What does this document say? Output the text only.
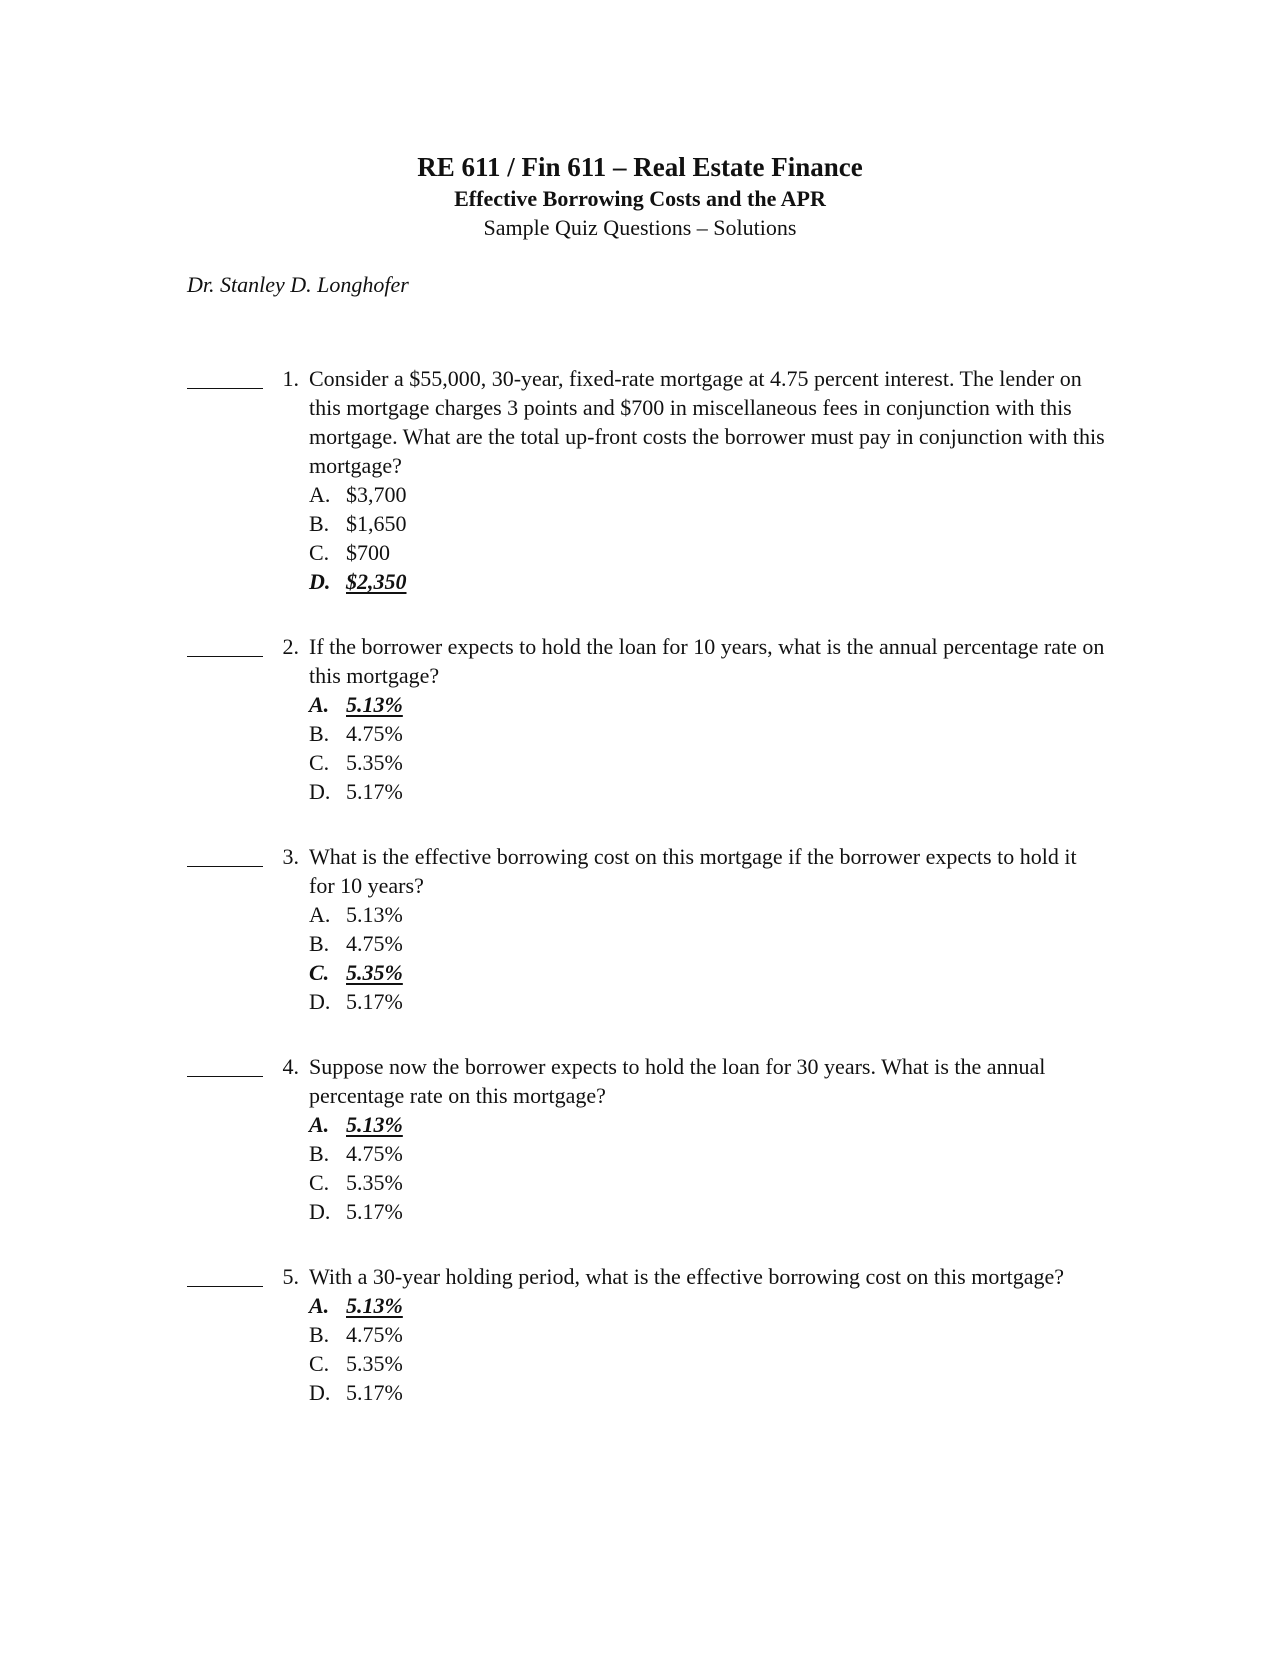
RE 611 / Fin 611 – Real Estate Finance

Effective Borrowing Costs and the APR

Sample Quiz Questions – Solutions

Dr. Stanley D. Longhofer
1. Consider a $55,000, 30-year, fixed-rate mortgage at 4.75 percent interest. The lender on this mortgage charges 3 points and $700 in miscellaneous fees in conjunction with this mortgage. What are the total up-front costs the borrower must pay in conjunction with this mortgage?
A. $3,700
B. $1,650
C. $700
D. $2,350
2. If the borrower expects to hold the loan for 10 years, what is the annual percentage rate on this mortgage?
A. 5.13%
B. 4.75%
C. 5.35%
D. 5.17%
3. What is the effective borrowing cost on this mortgage if the borrower expects to hold it for 10 years?
A. 5.13%
B. 4.75%
C. 5.35%
D. 5.17%
4. Suppose now the borrower expects to hold the loan for 30 years. What is the annual percentage rate on this mortgage?
A. 5.13%
B. 4.75%
C. 5.35%
D. 5.17%
5. With a 30-year holding period, what is the effective borrowing cost on this mortgage?
A. 5.13%
B. 4.75%
C. 5.35%
D. 5.17%
